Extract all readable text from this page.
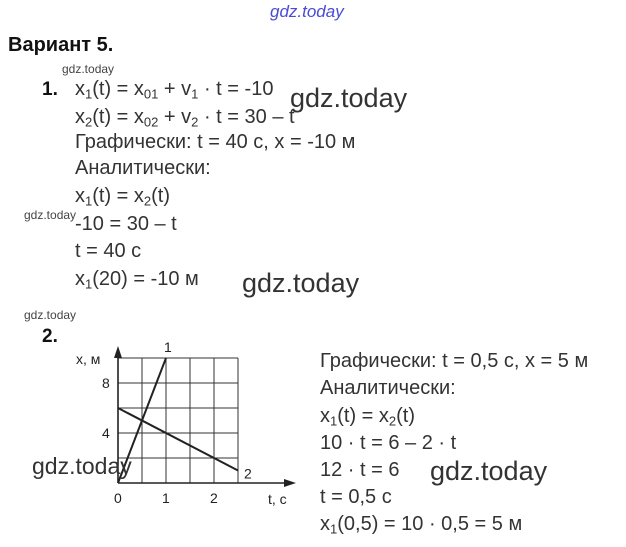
gdz.today
Вариант 5.
gdz.today
1. $x_1(t) = x_{01} + v_1 \cdot t = -10$ gdz.today
$x_2(t) = x_{02} + v_2 \cdot t = 30 - t$
Графически: t = 40 с, x = -10 м
Аналитически:
$x_1(t) = x_2(t)$
gdz.today
-10 = 30 – t
t = 40 с
$x_1(20) = -10$ м gdz.today
gdz.today
2.	1
2
0	1	2
4
8
x, м
t, с
gdz.today
Графически: t = 0,5 с, x = 5 м
Аналитически:
$x_1(t) = x_2(t)$
10 · t = 6 – 2 · t
12 · t = 6 gdz.today
t = 0,5 с
$x_1(0,5) = 10 \cdot 0,5 = 5$ м
